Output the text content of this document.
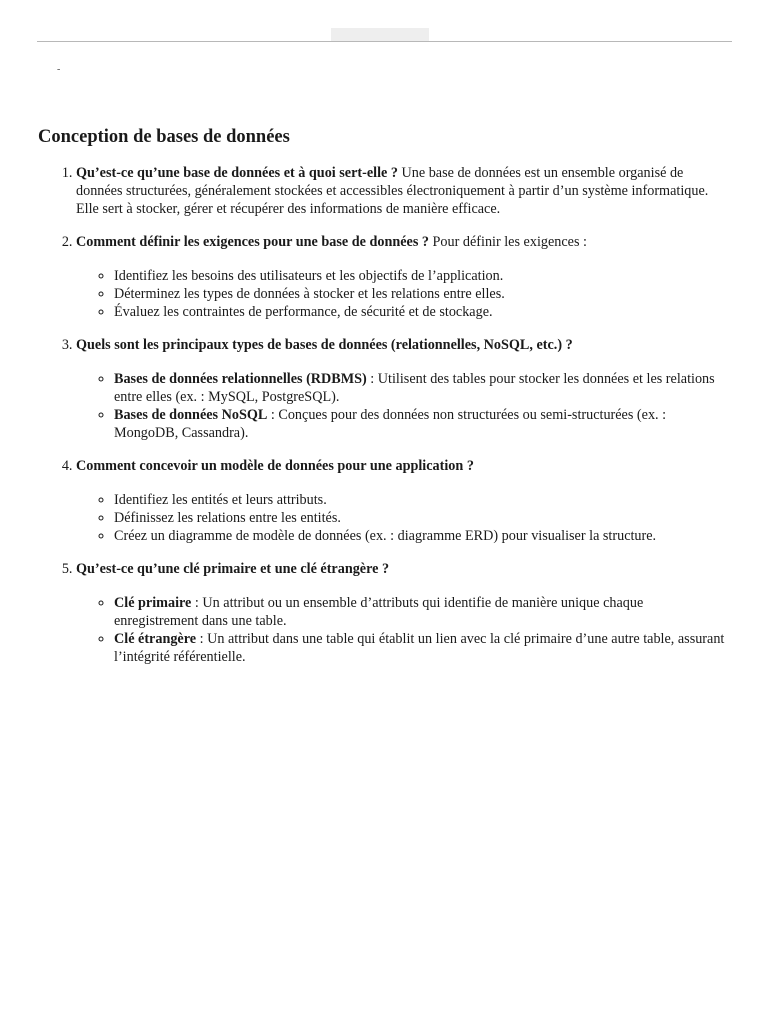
-
Conception de bases de données
1. Qu’est-ce qu’une base de données et à quoi sert-elle ? Une base de données est un ensemble organisé de données structurées, généralement stockées et accessibles électroniquement à partir d’un système informatique. Elle sert à stocker, gérer et récupérer des informations de manière efficace.
2. Comment définir les exigences pour une base de données ? Pour définir les exigences :
◦ Identifiez les besoins des utilisateurs et les objectifs de l’application.
◦ Déterminez les types de données à stocker et les relations entre elles.
◦ Évaluez les contraintes de performance, de sécurité et de stockage.
3. Quels sont les principaux types de bases de données (relationnelles, NoSQL, etc.) ?
◦ Bases de données relationnelles (RDBMS) : Utilisent des tables pour stocker les données et les relations entre elles (ex. : MySQL, PostgreSQL).
◦ Bases de données NoSQL : Conçues pour des données non structurées ou semi-structurées (ex. : MongoDB, Cassandra).
4. Comment concevoir un modèle de données pour une application ?
◦ Identifiez les entités et leurs attributs.
◦ Définissez les relations entre les entités.
◦ Créez un diagramme de modèle de données (ex. : diagramme ERD) pour visualiser la structure.
5. Qu’est-ce qu’une clé primaire et une clé étrangère ?
◦ Clé primaire : Un attribut ou un ensemble d’attributs qui identifie de manière unique chaque enregistrement dans une table.
◦ Clé étrangère : Un attribut dans une table qui établit un lien avec la clé primaire d’une autre table, assurant l’intégrité référentielle.
